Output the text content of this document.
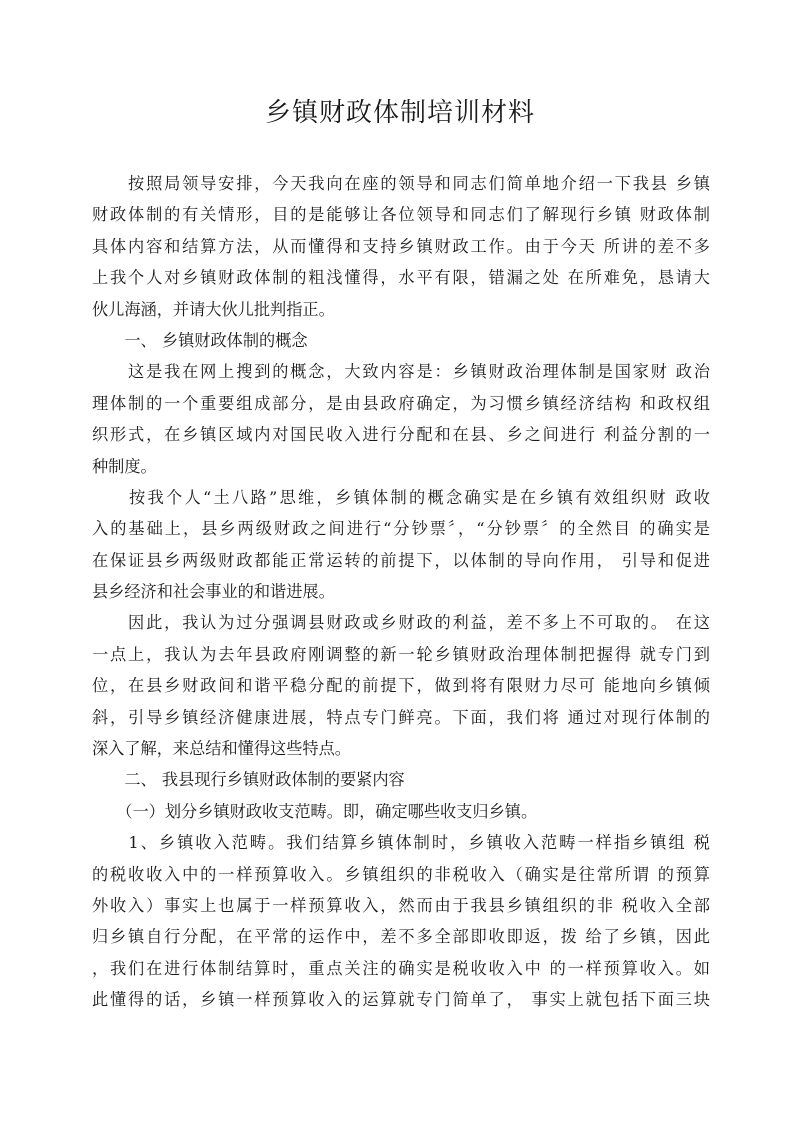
乡镇财政体制培训材料
　　按照局领导安排，今天我向在座的领导和同志们简单地介绍一下我县 乡镇
财政体制的有关情形，目的是能够让各位领导和同志们了解现行乡镇 财政体制
具体内容和结算方法，从而懂得和支持乡镇财政工作。由于今天 所讲的差不多
上我个人对乡镇财政体制的粗浅懂得，水平有限，错漏之处 在所难免，恳请大
伙儿海涵，并请大伙儿批判指正。
　　一、 乡镇财政体制的概念
　　这是我在网上搜到的概念，大致内容是：乡镇财政治理体制是国家财 政治
理体制的一个重要组成部分，是由县政府确定，为习惯乡镇经济结构 和政权组
织形式，在乡镇区域内对国民收入进行分配和在县、乡之间进行 利益分割的一
种制度。
　　按我个人“土八路”思维，乡镇体制的概念确实是在乡镇有效组织财 政收
入的基础上，县乡两级财政之间进行“分钞票〞，“分钞票〞的全然目 的确实是
在保证县乡两级财政都能正常运转的前提下，以体制的导向作用， 引导和促进
县乡经济和社会事业的和谐进展。
　　因此，我认为过分强调县财政或乡财政的利益，差不多上不可取的。 在这
一点上，我认为去年县政府刚调整的新一轮乡镇财政治理体制把握得 就专门到
位，在县乡财政间和谐平稳分配的前提下，做到将有限财力尽可 能地向乡镇倾
斜，引导乡镇经济健康进展，特点专门鲜亮。下面，我们将 通过对现行体制的
深入了解，来总结和懂得这些特点。
　　二、 我县现行乡镇财政体制的要紧内容
　　（一）划分乡镇财政收支范畴。即，确定哪些收支归乡镇。
　　1、乡镇收入范畴。我们结算乡镇体制时，乡镇收入范畴一样指乡镇组 税
的税收收入中的一样预算收入。乡镇组织的非税收入（确实是往常所谓 的预算
外收入）事实上也属于一样预算收入，然而由于我县乡镇组织的非 税收入全部
归乡镇自行分配，在平常的运作中，差不多全部即收即返，拨 给了乡镇，因此
，我们在进行体制结算时，重点关注的确实是税收收入中 的一样预算收入。如
此懂得的话，乡镇一样预算收入的运算就专门简单了， 事实上就包括下面三块
